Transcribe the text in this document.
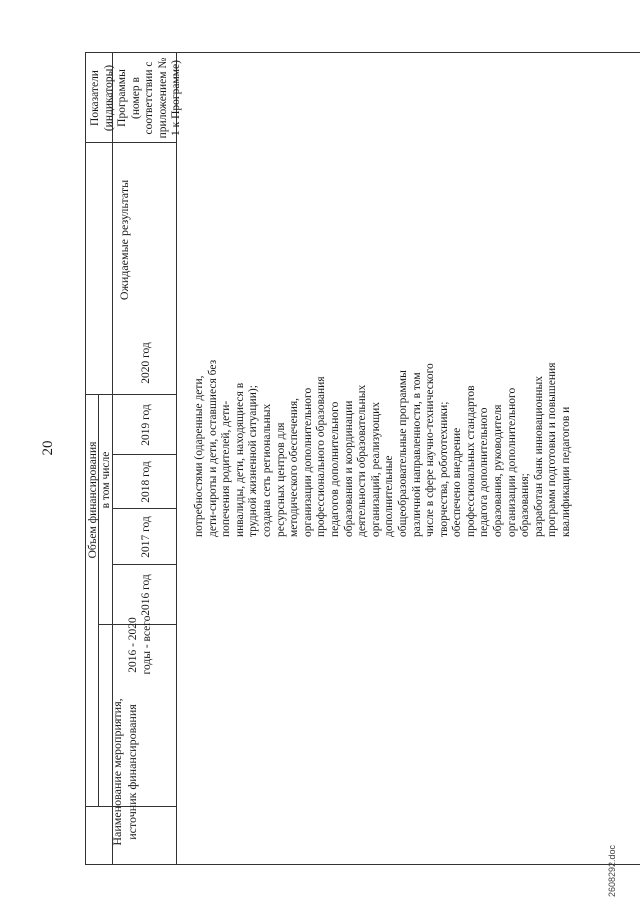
20
Наименование мероприятия, источник финансирования
Объем финансирования
2016 - 2020 годы - всего
в том числе
2016 год
2017 год
2018 год
2019 год
2020 год
Ожидаемые результаты
Показатели (индикаторы) Программы (номер в соответствии с приложением № 1 к Программе)
потребностями (одаренные дети, дети-сироты и дети, оставшиеся без попечения родителей, дети- инвалиды, дети, находящиеся в трудной жизненной ситуации); создана сеть региональных ресурсных центров для методического обеспечения, организации дополнительного профессионального образования педагогов дополнительного образования и координации деятельности образовательных организаций, реализующих дополнительные общеобразовательные программы различной направленности, в том числе в сфере научно-технического творчества, робототехники; обеспечено внедрение профессиональных стандартов педагога дополнительного образования, руководителя организации дополнительного образования; разработан банк инновационных программ подготовки и повышения квалификации педагогов и
2608292.doc
